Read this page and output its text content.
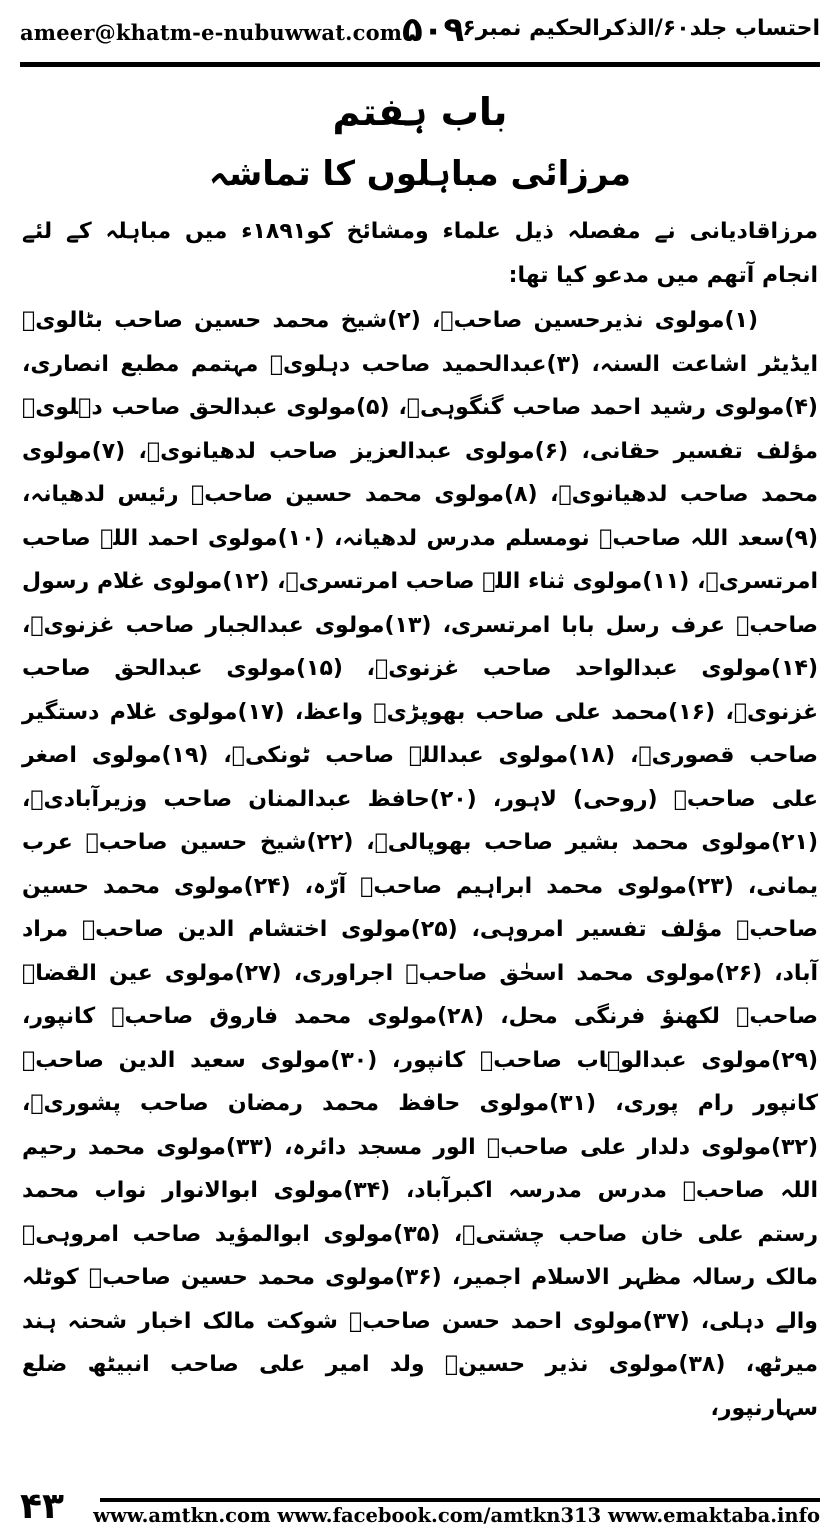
ameer@khatm-e-nubuwwat.com ۵۰۹
احتساب جلد۶۰/الذکرالحکیم نمبر۶
باب ہفتم
مرزائی مباہلوں کا تماشہ
مرزاقادیانی نے مفصلہ ذیل علماء ومشائخ کو۱۸۹۱ء میں مباہلہ کے لئے انجام آتھم میں مدعو کیا تھا:
(۱)مولوی نذیرحسین صاحبؒ، (۲)شیخ محمد حسین صاحب بٹالویؒ ایڈیٹر اشاعت السنہ، (۳)عبدالحمید صاحب دہلویؒ مہتمم مطبع انصاری، (۴)مولوی رشید احمد صاحب گنگوہیؒ، (۵)مولوی عبدالحق صاحب دہلویؒ مؤلف تفسیر حقانی، (۶)مولوی عبدالعزیز صاحب لدھیانویؒ، (۷)مولوی محمد صاحب لدھیانویؒ، (۸)مولوی محمد حسین صاحبؒ رئیس لدھیانہ، (۹)سعد اللہ صاحبؒ نومسلم مدرس لدھیانہ، (۱۰)مولوی احمد اللہ صاحب امرتسریؒ، (۱۱)مولوی ثناء اللہ صاحب امرتسریؒ، (۱۲)مولوی غلام رسول صاحبؒ عرف رسل بابا امرتسری، (۱۳)مولوی عبدالجبار صاحب غزنویؒ، (۱۴)مولوی عبدالواحد صاحب غزنویؒ، (۱۵)مولوی عبدالحق صاحب غزنویؒ، (۱۶)محمد علی صاحب بھوپڑیؒ واعظ، (۱۷)مولوی غلام دستگیر صاحب قصوریؒ، (۱۸)مولوی عبداللہ صاحب ٹونکیؒ، (۱۹)مولوی اصغر علی صاحبؒ (روحی) لاہور، (۲۰)حافظ عبدالمنان صاحب وزیرآبادیؒ، (۲۱)مولوی محمد بشیر صاحب بھوپالیؒ، (۲۲)شیخ حسین صاحبؒ عرب یمانی، (۲۳)مولوی محمد ابراہیم صاحبؒ آرّہ، (۲۴)مولوی محمد حسین صاحبؒ مؤلف تفسیر امروہی، (۲۵)مولوی اختشام الدین صاحبؒ مراد آباد، (۲۶)مولوی محمد اسحٰق صاحبؒ اجراوری، (۲۷)مولوی عین القضاۃ صاحبؒ لکھنؤ فرنگی محل، (۲۸)مولوی محمد فاروق صاحبؒ کانپور، (۲۹)مولوی عبدالوہاب صاحبؒ کانپور، (۳۰)مولوی سعید الدین صاحبؒ کانپور رام پوری، (۳۱)مولوی حافظ محمد رمضان صاحب پشوریؒ، (۳۲)مولوی دلدار علی صاحبؒ الور مسجد دائرہ، (۳۳)مولوی محمد رحیم اللہ صاحبؒ مدرس مدرسہ اکبرآباد، (۳۴)مولوی ابوالانوار نواب محمد رستم علی خان صاحب چشتیؒ، (۳۵)مولوی ابوالمؤید صاحب امروہیؒ مالک رسالہ مظہر الاسلام اجمیر، (۳۶)مولوی محمد حسین صاحبؒ کوٹلہ والے دہلی، (۳۷)مولوی احمد حسن صاحبؒ شوکت مالک اخبار شحنہ ہند میرٹھ، (۳۸)مولوی نذیر حسینؒ ولد امیر علی صاحب انبیٹھ ضلع سہارنپور،
۴۳ www.amtkn.com www.facebook.com/amtkn313 www.emaktaba.info
